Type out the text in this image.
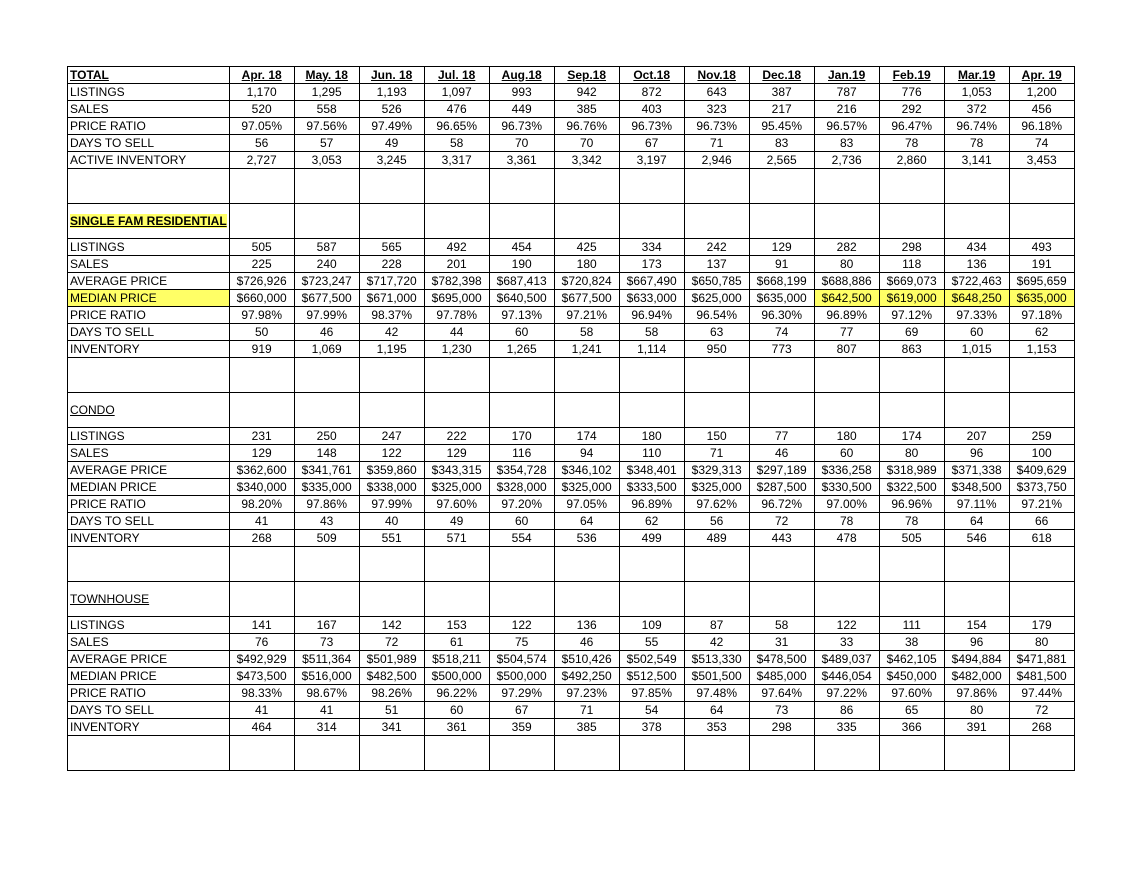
TOTAL	Apr. 18	May. 18	Jun. 18	Jul. 18	Aug.18	Sep.18	Oct.18	Nov.18	Dec.18	Jan.19	Feb.19	Mar.19	Apr. 19
LISTINGS	1,170	1,295	1,193	1,097	993	942	872	643	387	787	776	1,053	1,200
SALES	520	558	526	476	449	385	403	323	217	216	292	372	456
PRICE RATIO	97.05%	97.56%	97.49%	96.65%	96.73%	96.76%	96.73%	96.73%	95.45%	96.57%	96.47%	96.74%	96.18%
DAYS TO SELL	56	57	49	58	70	70	67	71	83	83	78	78	74
ACTIVE INVENTORY	2,727	3,053	3,245	3,317	3,361	3,342	3,197	2,946	2,565	2,736	2,860	3,141	3,453

SINGLE FAM RESIDENTIAL													
LISTINGS	505	587	565	492	454	425	334	242	129	282	298	434	493
SALES	225	240	228	201	190	180	173	137	91	80	118	136	191
AVERAGE PRICE	$726,926	$723,247	$717,720	$782,398	$687,413	$720,824	$667,490	$650,785	$668,199	$688,886	$669,073	$722,463	$695,659
MEDIAN PRICE	$660,000	$677,500	$671,000	$695,000	$640,500	$677,500	$633,000	$625,000	$635,000	$642,500	$619,000	$648,250	$635,000
PRICE RATIO	97.98%	97.99%	98.37%	97.78%	97.13%	97.21%	96.94%	96.54%	96.30%	96.89%	97.12%	97.33%	97.18%
DAYS TO SELL	50	46	42	44	60	58	58	63	74	77	69	60	62
INVENTORY	919	1,069	1,195	1,230	1,265	1,241	1,114	950	773	807	863	1,015	1,153

CONDO													
LISTINGS	231	250	247	222	170	174	180	150	77	180	174	207	259
SALES	129	148	122	129	116	94	110	71	46	60	80	96	100
AVERAGE PRICE	$362,600	$341,761	$359,860	$343,315	$354,728	$346,102	$348,401	$329,313	$297,189	$336,258	$318,989	$371,338	$409,629
MEDIAN PRICE	$340,000	$335,000	$338,000	$325,000	$328,000	$325,000	$333,500	$325,000	$287,500	$330,500	$322,500	$348,500	$373,750
PRICE RATIO	98.20%	97.86%	97.99%	97.60%	97.20%	97.05%	96.89%	97.62%	96.72%	97.00%	96.96%	97.11%	97.21%
DAYS TO SELL	41	43	40	49	60	64	62	56	72	78	78	64	66
INVENTORY	268	509	551	571	554	536	499	489	443	478	505	546	618

TOWNHOUSE													
LISTINGS	141	167	142	153	122	136	109	87	58	122	111	154	179
SALES	76	73	72	61	75	46	55	42	31	33	38	96	80
AVERAGE PRICE	$492,929	$511,364	$501,989	$518,211	$504,574	$510,426	$502,549	$513,330	$478,500	$489,037	$462,105	$494,884	$471,881
MEDIAN PRICE	$473,500	$516,000	$482,500	$500,000	$500,000	$492,250	$512,500	$501,500	$485,000	$446,054	$450,000	$482,000	$481,500
PRICE RATIO	98.33%	98.67%	98.26%	96.22%	97.29%	97.23%	97.85%	97.48%	97.64%	97.22%	97.60%	97.86%	97.44%
DAYS TO SELL	41	41	51	60	67	71	54	64	73	86	65	80	72
INVENTORY	464	314	341	361	359	385	378	353	298	335	366	391	268
